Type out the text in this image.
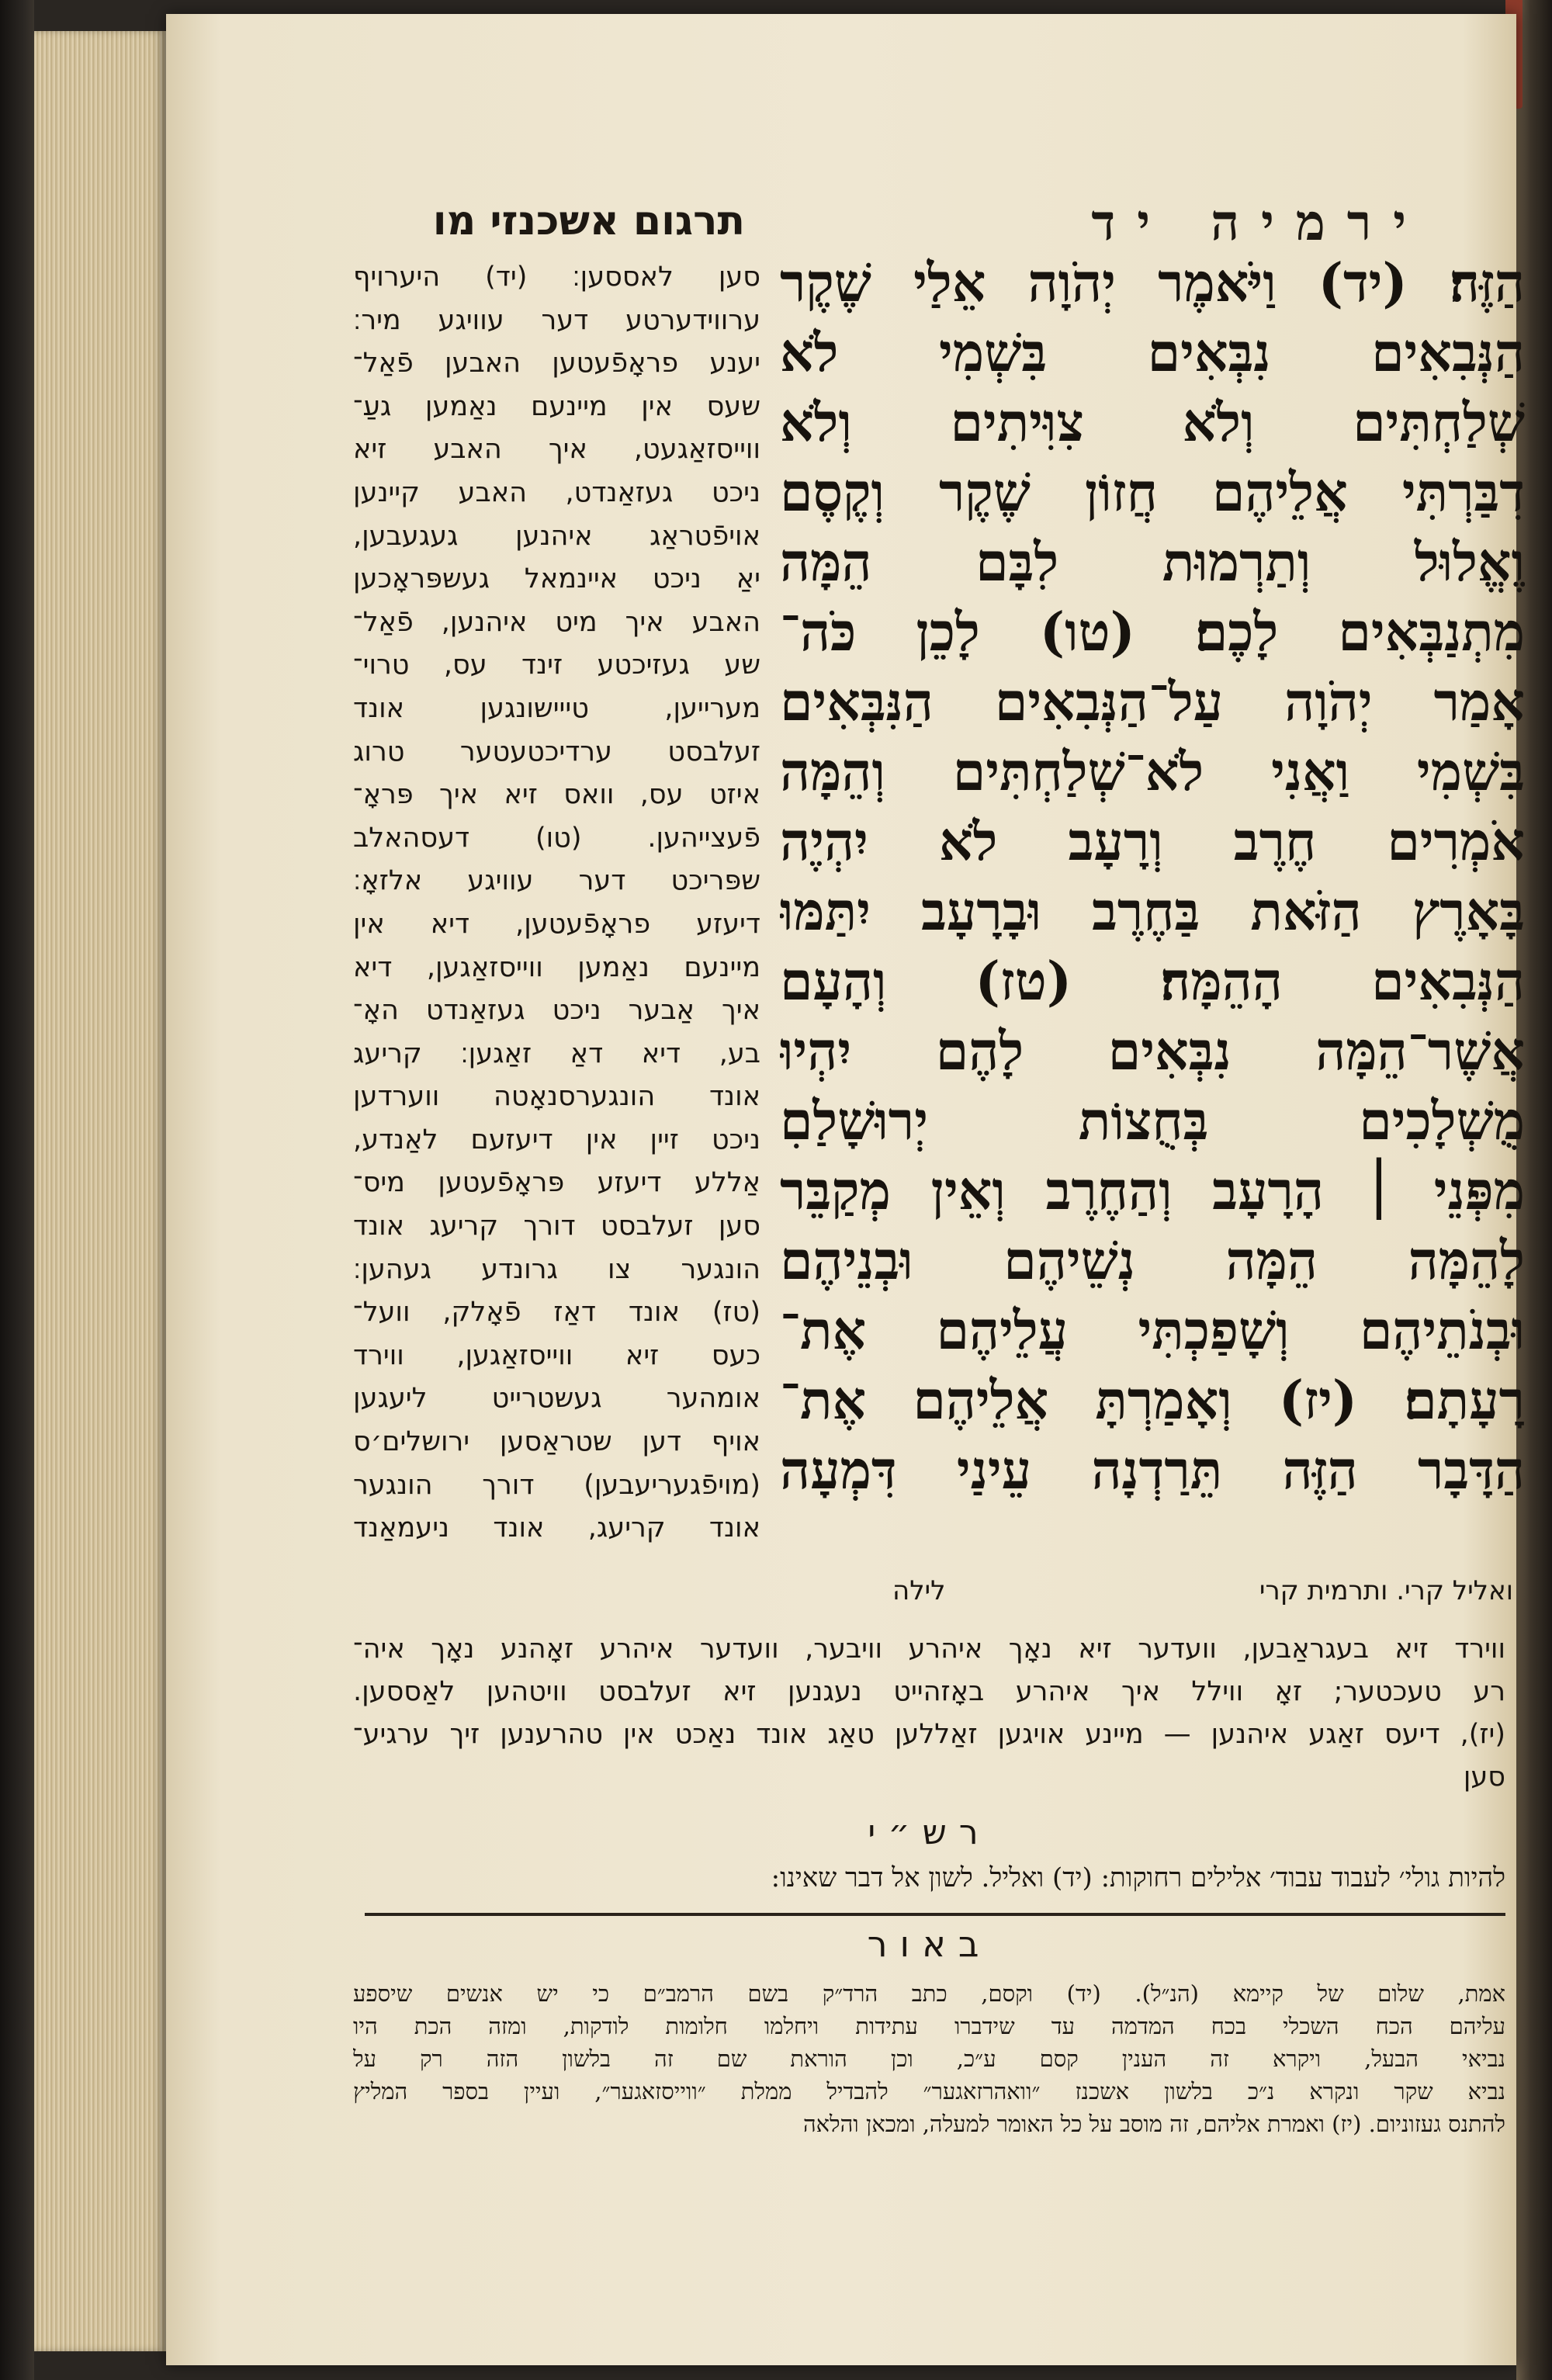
ירמיה יד
תרגום אשכנזי מו
הַזֶּה׃ (יד) וַיֹּאמֶר יְהֹוָה אֵלַי שֶׁקֶר
הַנְּבִאִים נִבְּאִים בִּשְׁמִי לֹא
שְׁלַחְתִּים וְלֹא צִוִּיתִים וְלֹא
דִבַּרְתִּי אֲלֵיהֶם חֲזוֹן שֶׁקֶר וְקֶסֶם
וֶאֱלוּל וְתַרְמוּת לִבָּם הֵמָּה
מִתְנַבְּאִים לָכֶם׃ (טו) לָכֵן כֹּה־
אָמַר יְהֹוָה עַל־הַנְּבִאִים הַנִּבְּאִים
בִּשְׁמִי וַאֲנִי לֹא־שְׁלַחְתִּים וְהֵמָּה
אֹמְרִים חֶרֶב וְרָעָב לֹא יִהְיֶה
בָּאָרֶץ הַזֹּאת בַּחֶרֶב וּבָרָעָב יִתַּמּוּ
הַנְּבִאִים הָהֵמָּה׃ (טז) וְהָעָם
אֲשֶׁר־הֵמָּה נִבְּאִים לָהֶם יִהְיוּ
מֻשְׁלָכִים בְּחֻצוֹת יְרוּשָׁלַםִ
מִפְּנֵי ׀ הָרָעָב וְהַחֶרֶב וְאֵין מְקַבֵּר
לָהֵמָּה הֵמָּה נְשֵׁיהֶם וּבְנֵיהֶם
וּבְנֹתֵיהֶם וְשָׁפַכְתִּי עֲלֵיהֶם אֶת־
רָעָתָם׃ (יז) וְאָמַרְתָּ אֲלֵיהֶם אֶת־
הַדָּבָר הַזֶּה תֵּרַדְנָה עֵינַי דִּמְעָה
סען לאססען׃ (יד) היערויף
ערווידערטע דער עוויגע מיר׃
יענע פראָפֿעטען האבען פֿאַל־
שעס אין מיינעם נאַמען געַ־
ווייסזאַגעט, איך האבע זיא
ניכט געזאַנדט, האבע קיינען
אויפֿטראַג איהנען געגעבען,
יאַ ניכט איינמאל געשפּראָכען
האבע איך מיט איהנען, פֿאַל־
שע געזיכטע זינד עס, טרוי־
מערייען, טייישונגען אונד
זעלבסט ערדיכטעטער טרוג
איזט עס, וואס זיא איך פּראָ־
פֿעצייהען. (טו) דעסהאלב
שפּריכט דער עוויגע אלזאָ׃
דיעזע פראָפֿעטען, דיא אין
מיינעם נאַמען ווייסזאַגען, דיא
איך אַבער ניכט געזאַנדט האָ־
בע, דיא דאַ זאַגען׃ קריעג
אונד הונגערסנאָטה ווערדען
ניכט זיין אין דיעזעם לאַנדע,
אַללע דיעזע פּראָפֿעטען מיס־
סען זעלבסט דורך קריעג אונד
הונגער צו גרונדע געהען׃
(טז) אונד דאַז פֿאָלק, וועל־
כעס זיא ווייסזאַגען, ווירד
אומהער געשטרייט ליעגען
אויף דען שטראַסען ירושלים׳ס
(מויפֿגעריעבען) דורך הונגער
אונד קריעג, אונד ניעמאַנד
ואליל קרי. ותרמית קרי
לילה
ווירד זיא בעגראַבען, וועדער זיא נאָך איהרע וויבער, וועדער איהרע זאָהנע נאָך איה־
רע טעכטער; זאָ ווילל איך איהרע באָזהייט נעגנען זיא זעלבסט וויטהען לאַססען.
(יז), דיעס זאַגע איהנען — מיינע אויגען זאַללען טאַג אונד נאַכט אין טהרענען זיך ערגיע־
סען
רש״י
להיות גולי׳ לעבוד עבוד׳ אלילים רחוקות: (יד) ואליל. לשון אל דבר שאינו:
באור
אמת, שלום של קיימא (הנ״ל). (יד) וקסם, כתב הרד״ק בשם הרמב״ם כי יש אנשים שיספע
עליהם הכח השכלי בכח המדמה עד שידברו עתידות ויחלמו חלומות לודקות, ומזה הכת היו
נביאי הבעל, ויקרא זה הענין קסם ע״כ, וכן הוראת שם זה בלשון הזה רק על
נביא שקר ונקרא נ״כ בלשון אשכנז ״וואהרזאגער״ להבדיל ממלת ״ווייסזאגער״, ועיין בספר המליץ
להתנס געזוניום. (יז) ואמרת אליהם, זה מוסב על כל האומר למעלה, ומכאן והלאה
